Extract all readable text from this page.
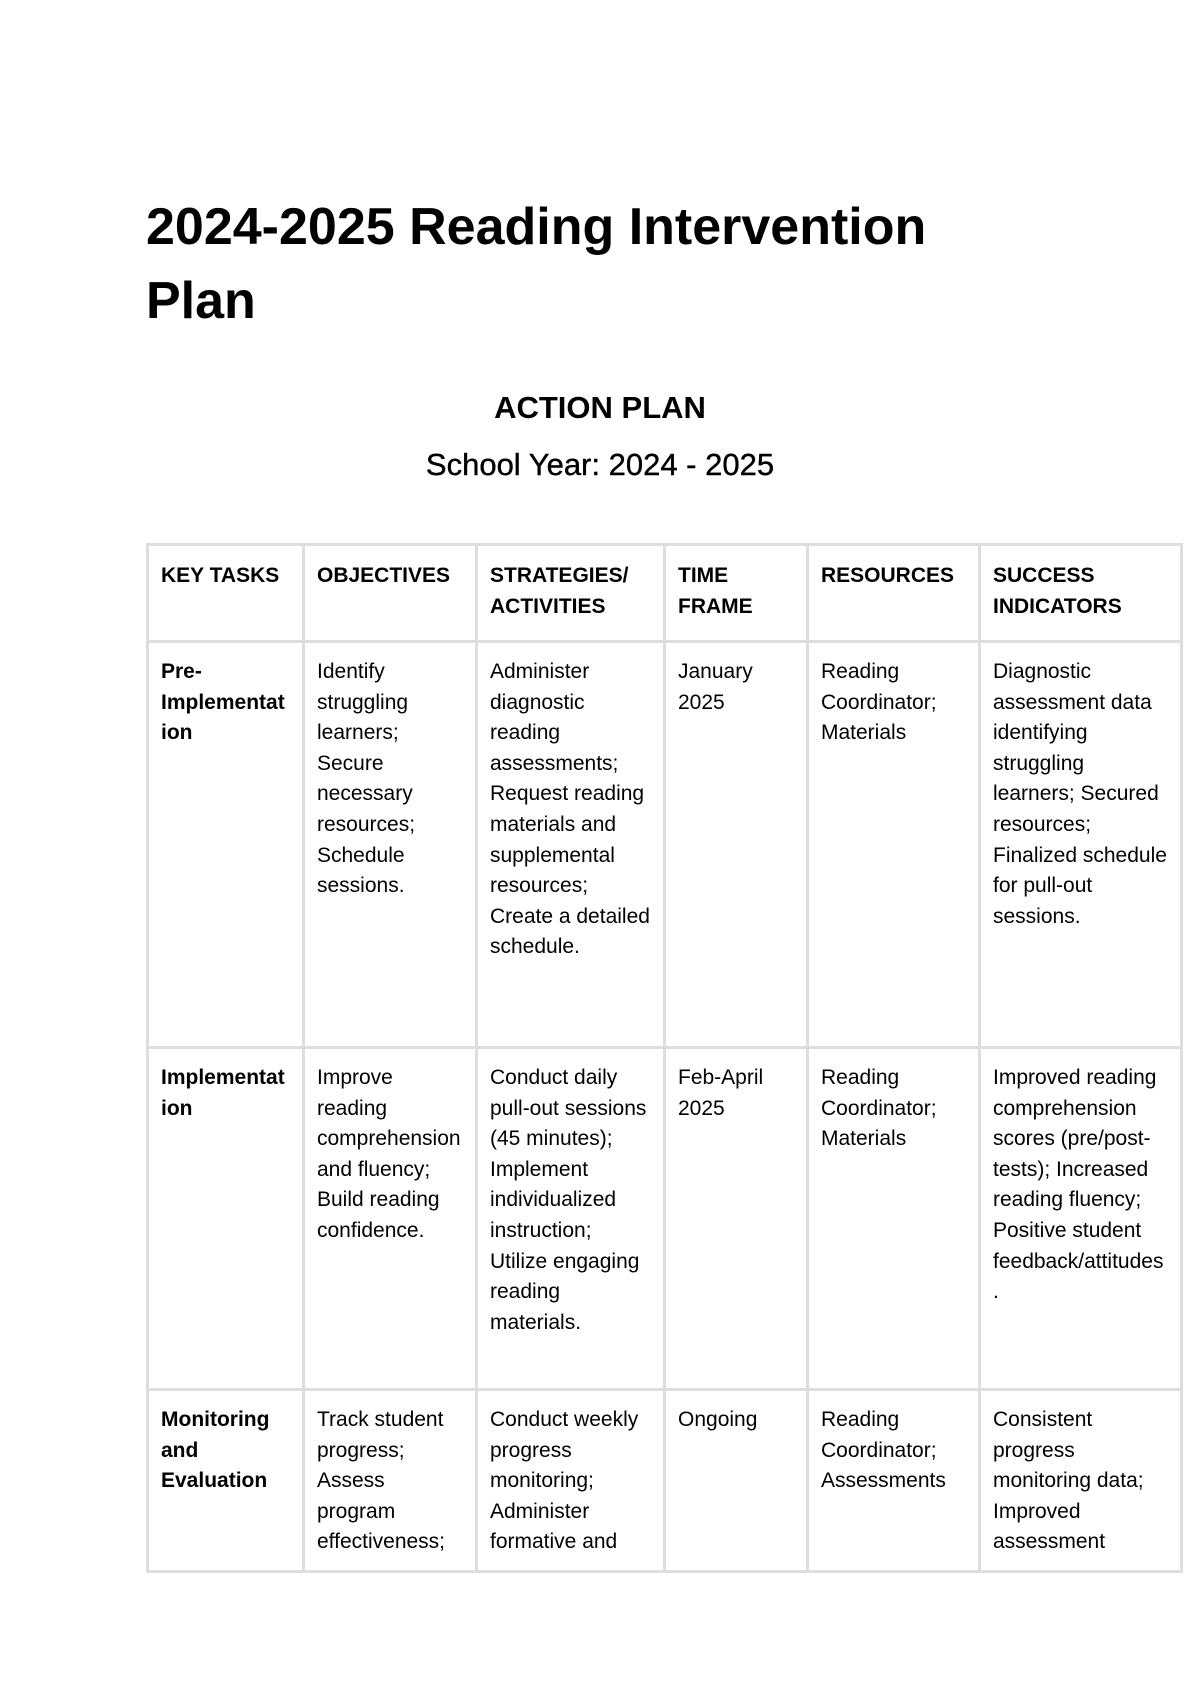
2024-2025 Reading Intervention
Plan
ACTION PLAN
School Year: 2024 - 2025
KEY TASKS	OBJECTIVES	STRATEGIES/ ACTIVITIES	TIME FRAME	RESOURCES	SUCCESS INDICATORS
Pre-Implementation	Identify struggling learners; Secure necessary resources; Schedule sessions.	Administer diagnostic reading assessments; Request reading materials and supplemental resources; Create a detailed schedule.	January 2025	Reading Coordinator; Materials	Diagnostic assessment data identifying struggling learners; Secured resources; Finalized schedule for pull-out sessions.
Implementation	Improve reading comprehension and fluency; Build reading confidence.	Conduct daily pull-out sessions (45 minutes); Implement individualized instruction; Utilize engaging reading materials.	Feb-April 2025	Reading Coordinator; Materials	Improved reading comprehension scores (pre/post-tests); Increased reading fluency; Positive student feedback/attitudes.
Monitoring and Evaluation	Track student progress; Assess program effectiveness;	Conduct weekly progress monitoring; Administer formative and	Ongoing	Reading Coordinator; Assessments	Consistent progress monitoring data; Improved assessment
